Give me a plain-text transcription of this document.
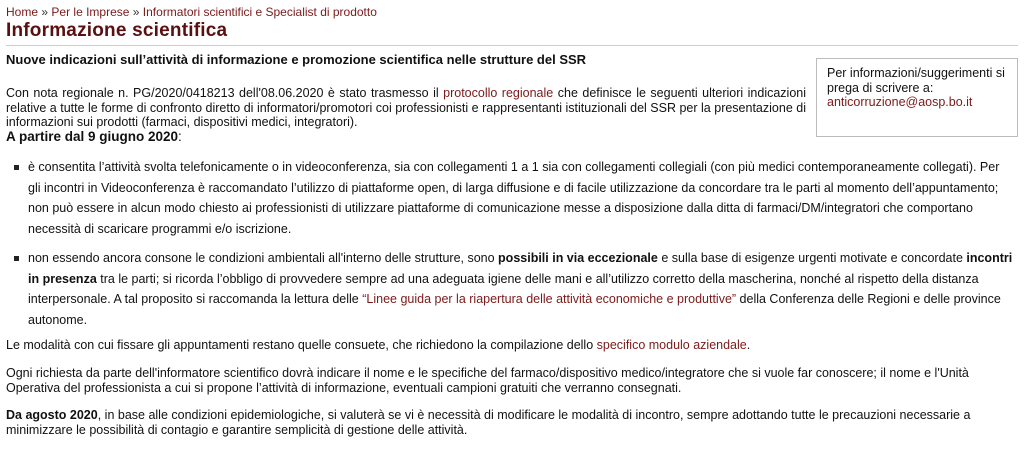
Home » Per le Imprese » Informatori scientifici e Specialist di prodotto
Informazione scientifica
Nuove indicazioni sull’attività di informazione e promozione scientifica nelle strutture del SSR

Con nota regionale n. PG/2020/0418213 dell'08.06.2020 è stato trasmesso il protocollo regionale che definisce le seguenti ulteriori indicazioni relative a tutte le forme di confronto diretto di informatori/promotori coi professionisti e rappresentanti istituzionali del SSR per la presentazione di informazioni sui prodotti (farmaci, dispositivi medici, integratori).

A partire dal 9 giugno 2020:

Per informazioni/suggerimenti si prega di scrivere a:
anticorruzione@aosp.bo.it
è consentita l’attività svolta telefonicamente o in videoconferenza, sia con collegamenti 1 a 1 sia con collegamenti collegiali (con più medici contemporaneamente collegati). Per gli incontri in Videoconferenza è raccomandato l’utilizzo di piattaforme open, di larga diffusione e di facile utilizzazione da concordare tra le parti al momento dell’appuntamento; non può essere in alcun modo chiesto ai professionisti di utilizzare piattaforme di comunicazione messe a disposizione dalla ditta di farmaci/DM/integratori che comportano necessità di scaricare programmi e/o iscrizione.
non essendo ancora consone le condizioni ambientali all'interno delle strutture, sono possibili in via eccezionale e sulla base di esigenze urgenti motivate e concordate incontri in presenza tra le parti; si ricorda l’obbligo di provvedere sempre ad una adeguata igiene delle mani e all’utilizzo corretto della mascherina, nonché al rispetto della distanza interpersonale. A tal proposito si raccomanda la lettura delle “Linee guida per la riapertura delle attività economiche e produttive” della Conferenza delle Regioni e delle province autonome.

Le modalità con cui fissare gli appuntamenti restano quelle consuete, che richiedono la compilazione dello specifico modulo aziendale.

Ogni richiesta da parte dell'informatore scientifico dovrà indicare il nome e le specifiche del farmaco/dispositivo medico/integratore che si vuole far conoscere; il nome e l'Unità Operativa del professionista a cui si propone l’attività di informazione, eventuali campioni gratuiti che verranno consegnati.

Da agosto 2020, in base alle condizioni epidemiologiche, si valuterà se vi è necessità di modificare le modalità di incontro, sempre adottando tutte le precauzioni necessarie a minimizzare le possibilità di contagio e garantire semplicità di gestione delle attività.
